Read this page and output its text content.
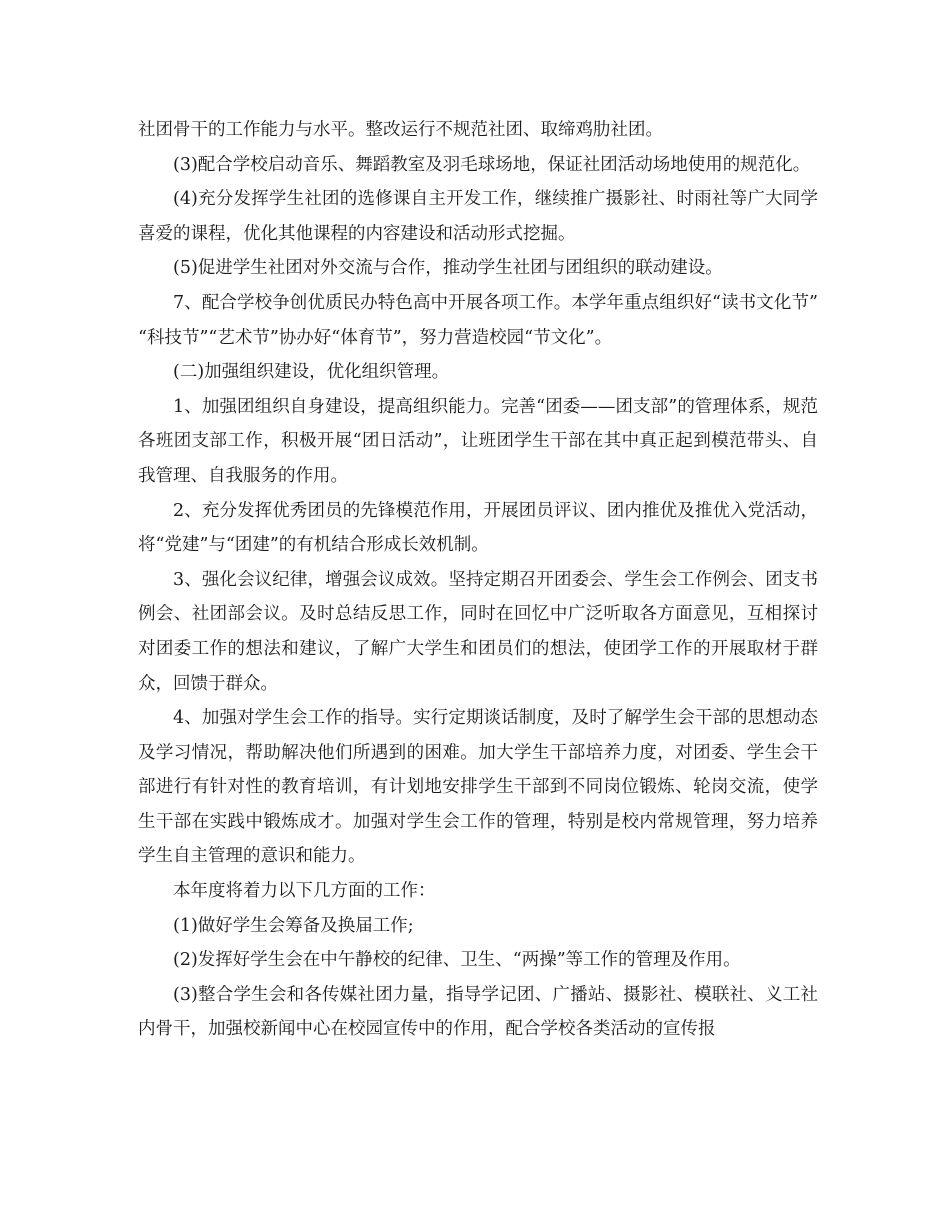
社团骨干的工作能力与水平。整改运行不规范社团、取缔鸡肋社团。

(3)配合学校启动音乐、舞蹈教室及羽毛球场地，保证社团活动场地使用的规范化。

(4)充分发挥学生社团的选修课自主开发工作，继续推广摄影社、时雨社等广大同学喜爱的课程，优化其他课程的内容建设和活动形式挖掘。

(5)促进学生社团对外交流与合作，推动学生社团与团组织的联动建设。

7、配合学校争创优质民办特色高中开展各项工作。本学年重点组织好“读书文化节”“科技节”“艺术节”协办好“体育节”，努力营造校园“节文化”。

(二)加强组织建设，优化组织管理。

1、加强团组织自身建设，提高组织能力。完善“团委——团支部”的管理体系，规范各班团支部工作，积极开展“团日活动”，让班团学生干部在其中真正起到模范带头、自我管理、自我服务的作用。

2、充分发挥优秀团员的先锋模范作用，开展团员评议、团内推优及推优入党活动，将“党建”与“团建”的有机结合形成长效机制。

3、强化会议纪律，增强会议成效。坚持定期召开团委会、学生会工作例会、团支书例会、社团部会议。及时总结反思工作，同时在回忆中广泛听取各方面意见，互相探讨对团委工作的想法和建议，了解广大学生和团员们的想法，使团学工作的开展取材于群众，回馈于群众。

4、加强对学生会工作的指导。实行定期谈话制度，及时了解学生会干部的思想动态及学习情况，帮助解决他们所遇到的困难。加大学生干部培养力度，对团委、学生会干部进行有针对性的教育培训，有计划地安排学生干部到不同岗位锻炼、轮岗交流，使学生干部在实践中锻炼成才。加强对学生会工作的管理，特别是校内常规管理，努力培养学生自主管理的意识和能力。

本年度将着力以下几方面的工作：

(1)做好学生会筹备及换届工作;

(2)发挥好学生会在中午静校的纪律、卫生、“两操”等工作的管理及作用。

(3)整合学生会和各传媒社团力量，指导学记团、广播站、摄影社、模联社、义工社内骨干，加强校新闻中心在校园宣传中的作用，配合学校各类活动的宣传报
